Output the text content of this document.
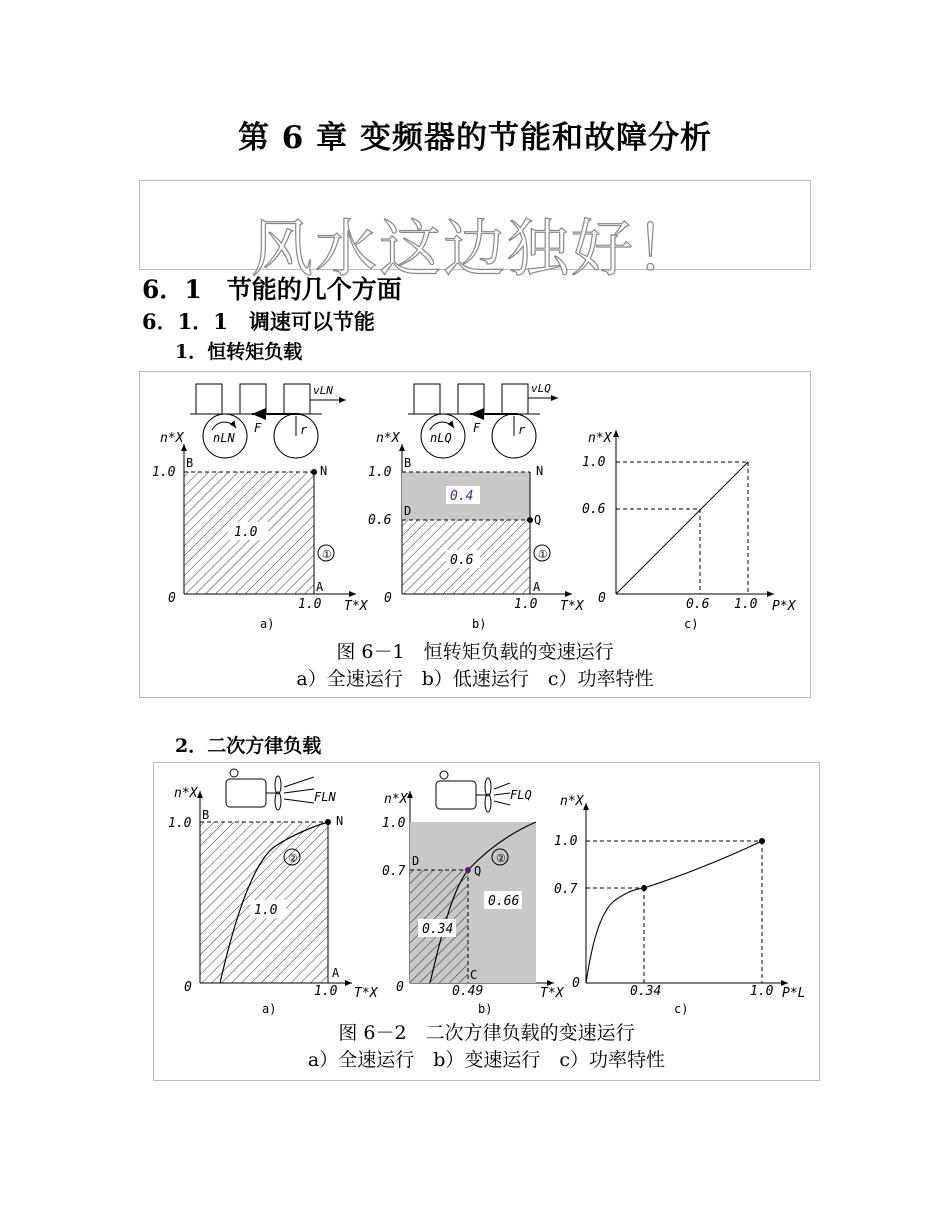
第 6 章 变频器的节能和故障分析
风水这边独好！
6．1　节能的几个方面
6．1．1　调速可以节能
1．恒转矩负载
vLN
nLN
F	r
1.0
①
n*X
1.0
B
N
A
0	1.0 T*X
a)
vLQ
nLQ
F	r
0.4
0.6	①
n*X
1.0
0.6
B
N
D
Q
A
0	1.0 T*X
b)
n*X
1.0
0.6
0	0.6 1.0 P*X
c)
图 6－1　恒转矩负载的变速运行
a）全速运行　b）低速运行　c）功率特性
2．二次方律负载
FLN
1.0
②
n*X
1.0
B	N
A
0	1.0 T*X
a)
FLQ
0.66
0.34
②
n*X
1.0
0.7
D
Q
C
0	0.49	T*X
b)
n*X
1.0
0.7
0
0.34	1.0 P*L
c)
图 6－2　二次方律负载的变速运行
a）全速运行　b）变速运行　c）功率特性
